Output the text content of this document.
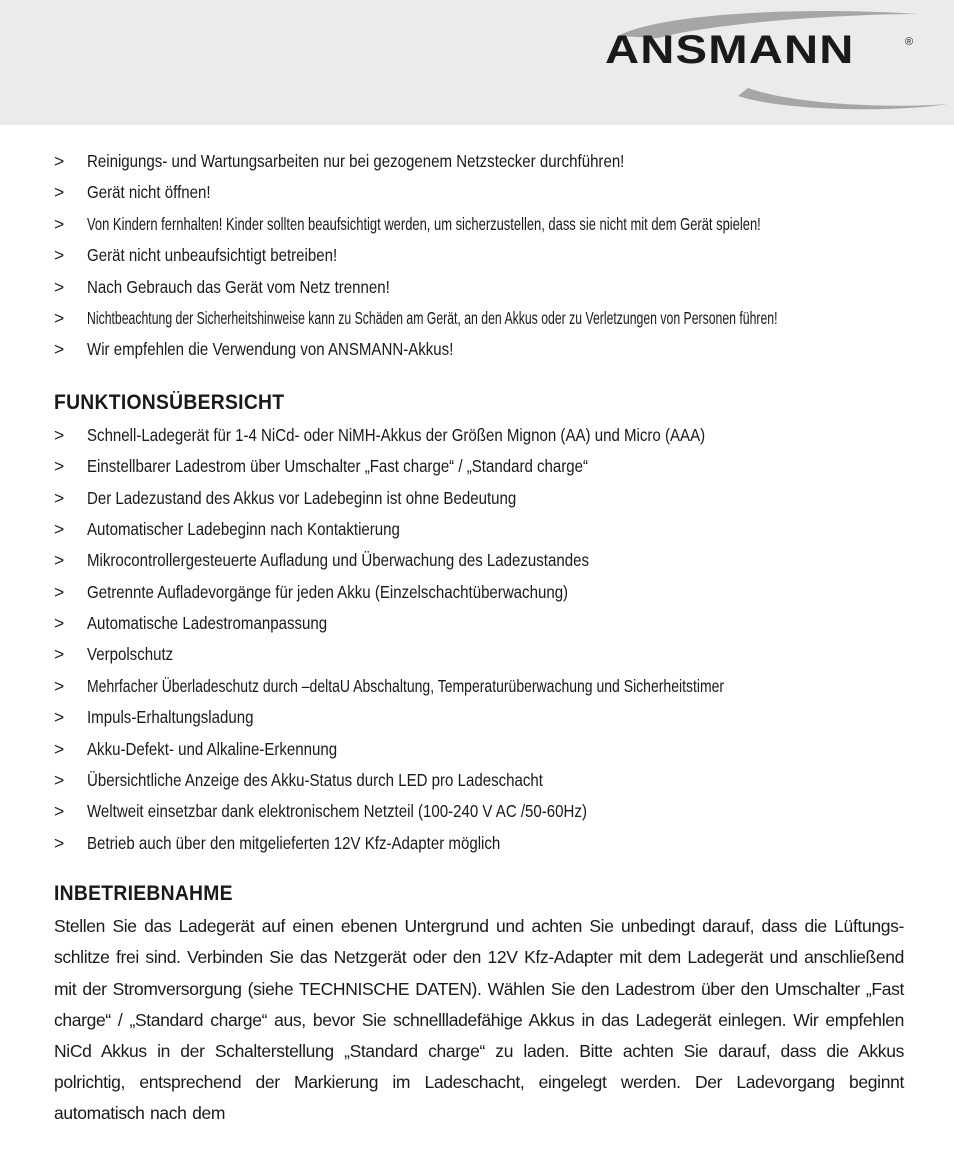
ANSMANN	®
> Reinigungs- und Wartungsarbeiten nur bei gezogenem Netzstecker durchführen!
> Gerät nicht öffnen!
> Von Kindern fernhalten! Kinder sollten beaufsichtigt werden, um sicherzustellen, dass sie nicht mit dem Gerät spielen!
> Gerät nicht unbeaufsichtigt betreiben!
> Nach Gebrauch das Gerät vom Netz trennen!
> Nichtbeachtung der Sicherheitshinweise kann zu Schäden am Gerät, an den Akkus oder zu Verletzungen von Personen führen!
> Wir empfehlen die Verwendung von ANSMANN-Akkus!
FUNKTIONSÜBERSICHT
> Schnell-Ladegerät für 1-4 NiCd- oder NiMH-Akkus der Größen Mignon (AA) und Micro (AAA)
> Einstellbarer Ladestrom über Umschalter „Fast charge“ / „Standard charge“
> Der Ladezustand des Akkus vor Ladebeginn ist ohne Bedeutung
> Automatischer Ladebeginn nach Kontaktierung
> Mikrocontrollergesteuerte Aufladung und Überwachung des Ladezustandes
> Getrennte Aufladevorgänge für jeden Akku (Einzelschachtüberwachung)
> Automatische Ladestromanpassung
> Verpolschutz
> Mehrfacher Überladeschutz durch –deltaU Abschaltung, Temperaturüberwachung und Sicherheitstimer
> Impuls-Erhaltungsladung
> Akku-Defekt- und Alkaline-Erkennung
> Übersichtliche Anzeige des Akku-Status durch LED pro Ladeschacht
> Weltweit einsetzbar dank elektronischem Netzteil (100-240 V AC /50-60Hz)
> Betrieb auch über den mitgelieferten 12V Kfz-Adapter möglich
INBETRIEBNAHME

Stellen Sie das Ladegerät auf einen ebenen Untergrund und achten Sie unbedingt darauf, dass die Lüftungs-schlitze frei sind. Verbinden Sie das Netzgerät oder den 12V Kfz-Adapter mit dem Ladegerät und anschließend mit der Stromversorgung (siehe TECHNISCHE DATEN). Wählen Sie den Ladestrom über den Umschalter „Fast charge“ / „Standard charge“ aus, bevor Sie schnellladefähige Akkus in das Ladegerät einlegen. Wir empfehlen NiCd Akkus in der Schalterstellung „Standard charge“ zu laden. Bitte achten Sie darauf, dass die Akkus polrichtig, entsprechend der Markierung im Ladeschacht, eingelegt werden. Der Ladevorgang beginnt automatisch nach dem
